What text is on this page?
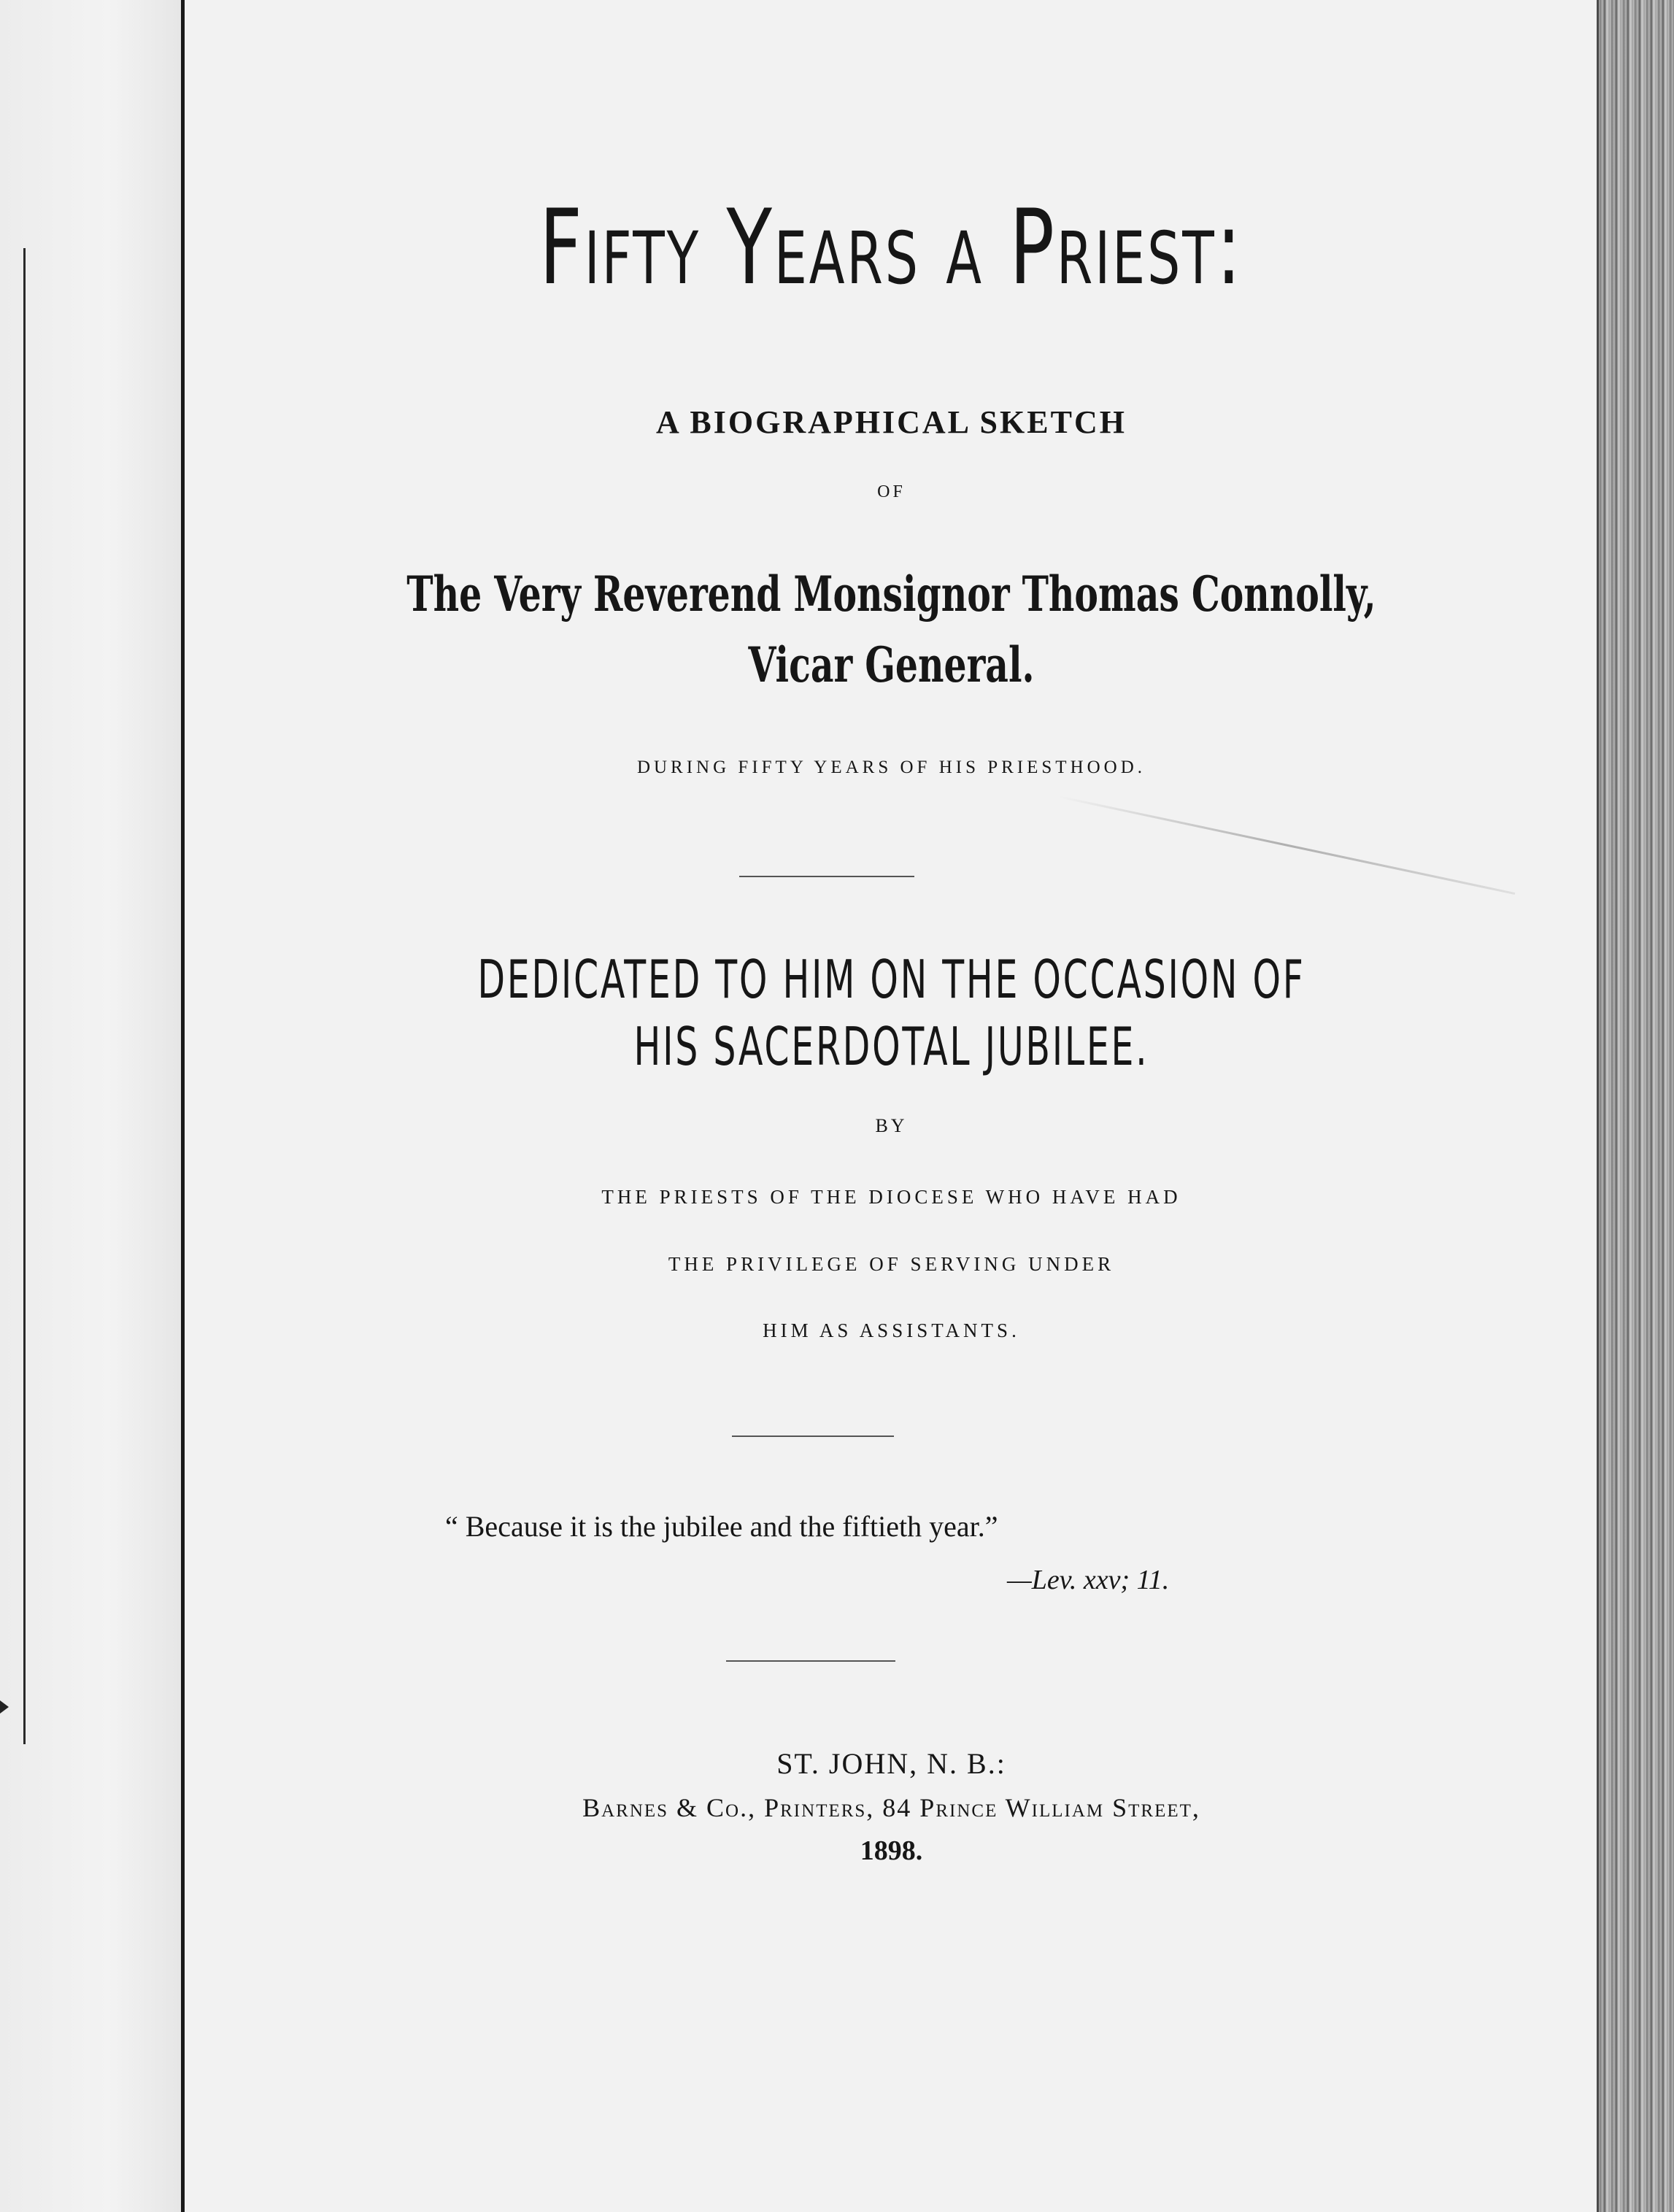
Fifty Years a Priest:

A BIOGRAPHICAL SKETCH

OF

The Very Reverend Monsignor Thomas Connolly,

Vicar General.

DURING FIFTY YEARS OF HIS PRIESTHOOD.

DEDICATED TO HIM ON THE OCCASION OF

HIS SACERDOTAL JUBILEE.

BY

THE PRIESTS OF THE DIOCESE WHO HAVE HAD

THE PRIVILEGE OF SERVING UNDER

HIM AS ASSISTANTS.

“ Because it is the jubilee and the fiftieth year.”

—Lev. xxv; 11.

ST. JOHN, N. B.:

Barnes & Co., Printers, 84 Prince William Street,

1898.
